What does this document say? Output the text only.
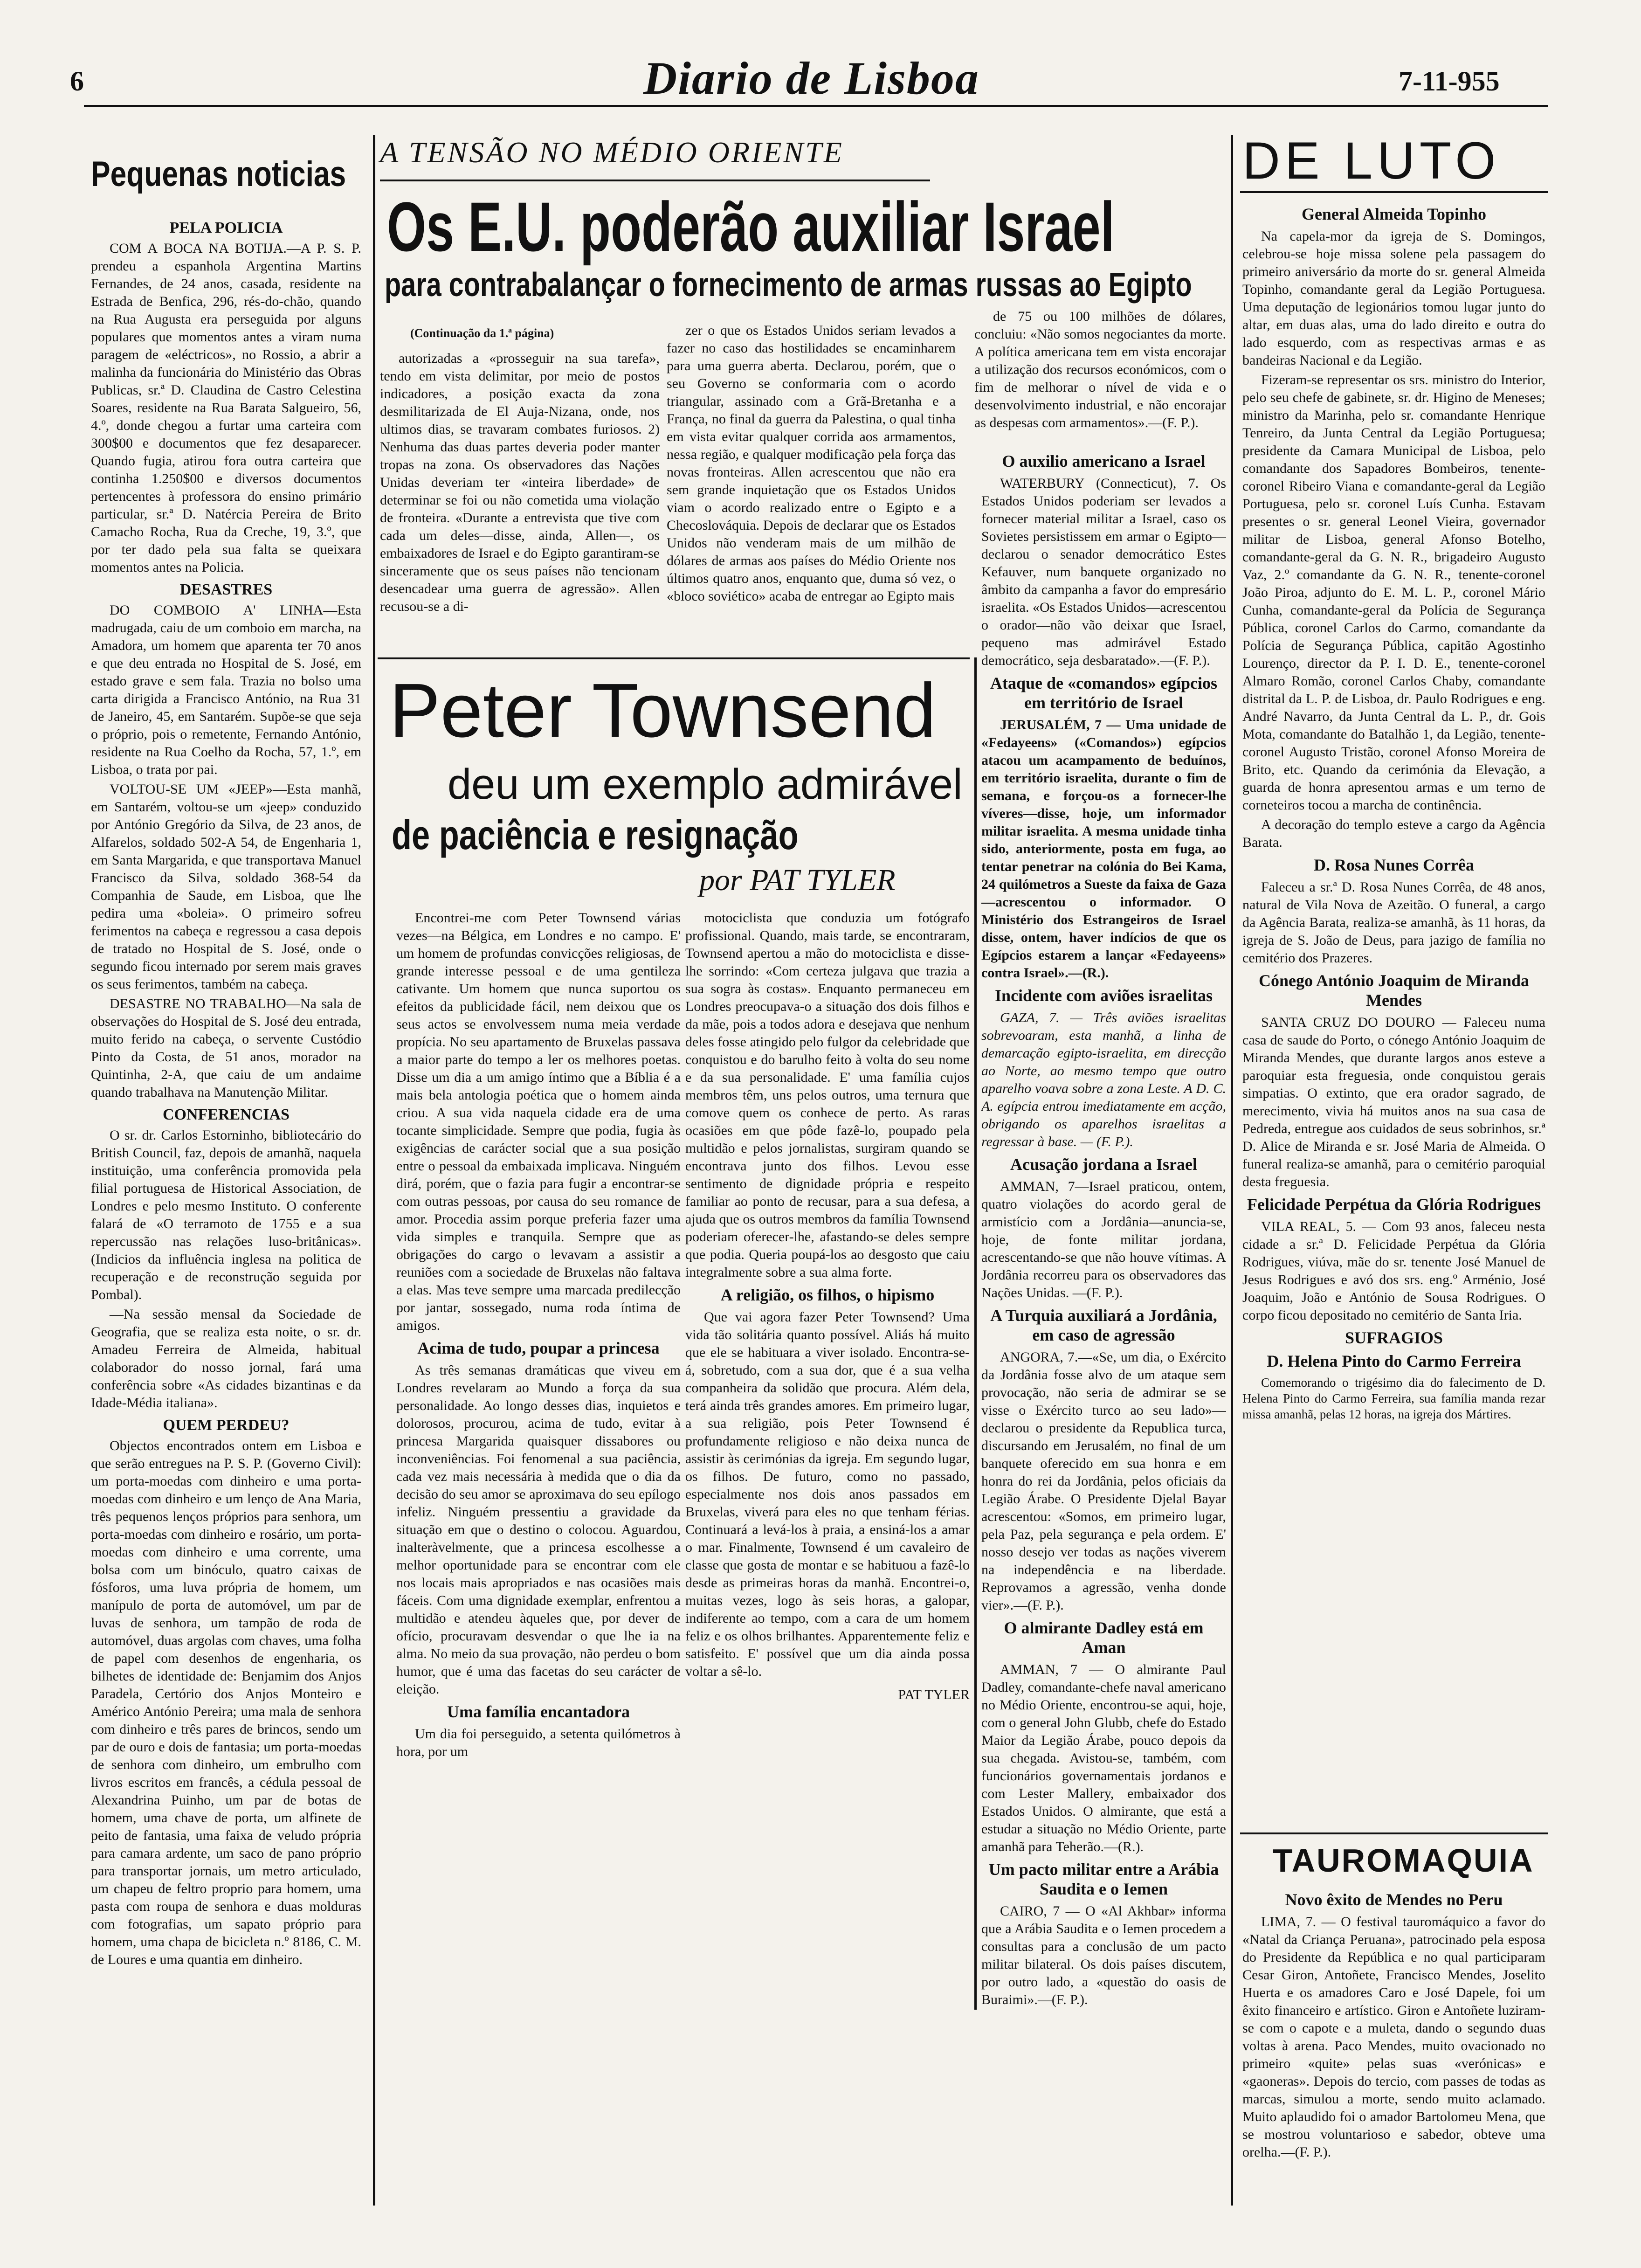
6	Diario de Lisboa	7-11-955
Pequenas noticias
PELA POLICIA

COM A BOCA NA BOTIJA.—A P. S. P. prendeu a espanhola Argentina Martins Fernandes, de 24 anos, casada, residente na Estrada de Benfica, 296, rés-do-chão, quando na Rua Augusta era perseguida por alguns populares que momentos antes a viram numa paragem de «eléctricos», no Rossio, a abrir a malinha da funcionária do Ministério das Obras Publicas, sr.ª D. Claudina de Castro Celestina Soares, residente na Rua Barata Salgueiro, 56, 4.º, donde chegou a furtar uma carteira com 300$00 e documentos que fez desaparecer. Quando fugia, atirou fora outra carteira que continha 1.250$00 e diversos documentos pertencentes à professora do ensino primário particular, sr.ª D. Natércia Pereira de Brito Camacho Rocha, Rua da Creche, 19, 3.º, que por ter dado pela sua falta se queixara momentos antes na Policia.

DESASTRES

DO COMBOIO A' LINHA—Esta madrugada, caiu de um comboio em marcha, na Amadora, um homem que aparenta ter 70 anos e que deu entrada no Hospital de S. José, em estado grave e sem fala. Trazia no bolso uma carta dirigida a Francisco António, na Rua 31 de Janeiro, 45, em Santarém. Supõe-se que seja o próprio, pois o remetente, Fernando António, residente na Rua Coelho da Rocha, 57, 1.º, em Lisboa, o trata por pai.

VOLTOU-SE UM «JEEP»—Esta manhã, em Santarém, voltou-se um «jeep» conduzido por António Gregório da Silva, de 23 anos, de Alfarelos, soldado 502-A 54, de Engenharia 1, em Santa Margarida, e que transportava Manuel Francisco da Silva, soldado 368-54 da Companhia de Saude, em Lisboa, que lhe pedira uma «boleia». O primeiro sofreu ferimentos na cabeça e regressou a casa depois de tratado no Hospital de S. José, onde o segundo ficou internado por serem mais graves os seus ferimentos, também na cabeça.

DESASTRE NO TRABALHO—Na sala de observações do Hospital de S. José deu entrada, muito ferido na cabeça, o servente Custódio Pinto da Costa, de 51 anos, morador na Quintinha, 2-A, que caiu de um andaime quando trabalhava na Manutenção Militar.

CONFERENCIAS

O sr. dr. Carlos Estorninho, bibliotecário do British Council, faz, depois de amanhã, naquela instituição, uma conferência promovida pela filial portuguesa de Historical Association, de Londres e pelo mesmo Instituto. O conferente falará de «O terramoto de 1755 e a sua repercussão nas relações luso-britânicas». (Indicios da influência inglesa na politica de recuperação e de reconstrução seguida por Pombal).

—Na sessão mensal da Sociedade de Geografia, que se realiza esta noite, o sr. dr. Amadeu Ferreira de Almeida, habitual colaborador do nosso jornal, fará uma conferência sobre «As cidades bizantinas e da Idade-Média italiana».

QUEM PERDEU?

Objectos encontrados ontem em Lisboa e que serão entregues na P. S. P. (Governo Civil): um porta-moedas com dinheiro e uma porta-moedas com dinheiro e um lenço de Ana Maria, três pequenos lenços próprios para senhora, um porta-moedas com dinheiro e rosário, um porta-moedas com dinheiro e uma corrente, uma bolsa com um binóculo, quatro caixas de fósforos, uma luva própria de homem, um manípulo de porta de automóvel, um par de luvas de senhora, um tampão de roda de automóvel, duas argolas com chaves, uma folha de papel com desenhos de engenharia, os bilhetes de identidade de: Benjamim dos Anjos Paradela, Certório dos Anjos Monteiro e Américo António Pereira; uma mala de senhora com dinheiro e três pares de brincos, sendo um par de ouro e dois de fantasia; um porta-moedas de senhora com dinheiro, um embrulho com livros escritos em francês, a cédula pessoal de Alexandrina Puinho, um par de botas de homem, uma chave de porta, um alfinete de peito de fantasia, uma faixa de veludo própria para camara ardente, um saco de pano próprio para transportar jornais, um metro articulado, um chapeu de feltro proprio para homem, uma pasta com roupa de senhora e duas molduras com fotografias, um sapato próprio para homem, uma chapa de bicicleta n.º 8186, C. M. de Loures e uma quantia em dinheiro.

A TENSÃO NO MÉDIO ORIENTE
Os E.U. poderão auxiliar Israel
para contrabalançar o fornecimento de armas russas ao Egipto
(Continuação da 1.ª página)

autorizadas a «prosseguir na sua tarefa», tendo em vista delimitar, por meio de postos indicadores, a posição exacta da zona desmilitarizada de El Auja-Nizana, onde, nos ultimos dias, se travaram combates furiosos. 2) Nenhuma das duas partes deveria poder manter tropas na zona. Os observadores das Nações Unidas deveriam ter «inteira liberdade» de determinar se foi ou não cometida uma violação de fronteira. «Durante a entrevista que tive com cada um deles—disse, ainda, Allen—, os embaixadores de Israel e do Egipto garantiram-se sinceramente que os seus países não tencionam desencadear uma guerra de agressão». Allen recusou-se a di-

zer o que os Estados Unidos seriam levados a fazer no caso das hostilidades se encaminharem para uma guerra aberta. Declarou, porém, que o seu Governo se conformaria com o acordo triangular, assinado com a Grã-Bretanha e a França, no final da guerra da Palestina, o qual tinha em vista evitar qualquer corrida aos armamentos, nessa região, e qualquer modificação pela força das novas fronteiras. Allen acrescentou que não era sem grande inquietação que os Estados Unidos viam o acordo realizado entre o Egipto e a Checoslováquia. Depois de declarar que os Estados Unidos não venderam mais de um milhão de dólares de armas aos países do Médio Oriente nos últimos quatro anos, enquanto que, duma só vez, o «bloco soviético» acaba de entregar ao Egipto mais

de 75 ou 100 milhões de dólares, concluiu: «Não somos negociantes da morte. A política americana tem em vista encorajar a utilização dos recursos económicos, com o fim de melhorar o nível de vida e o desenvolvimento industrial, e não encorajar as despesas com armamentos».—(F. P.).

O auxilio americano a Israel

WATERBURY (Connecticut), 7. Os Estados Unidos poderiam ser levados a fornecer material militar a Israel, caso os Sovietes persistissem em armar o Egipto—declarou o senador democrático Estes Kefauver, num banquete organizado no âmbito da campanha a favor do empresário israelita. «Os Estados Unidos—acrescentou o orador—não vão deixar que Israel, pequeno mas admirável Estado democrático, seja desbaratado».—(F. P.).

Ataque de «comandos» egípcios em território de Israel

JERUSALÉM, 7 — Uma unidade de «Fedayeens» («Comandos») egípcios atacou um acampamento de beduínos, em território israelita, durante o fim de semana, e forçou-os a fornecer-lhe víveres—disse, hoje, um informador militar israelita. A mesma unidade tinha sido, anteriormente, posta em fuga, ao tentar penetrar na colónia do Bei Kama, 24 quilómetros a Sueste da faixa de Gaza—acrescentou o informador. O Ministério dos Estrangeiros de Israel disse, ontem, haver indícios de que os Egípcios estarem a lançar «Fedayeens» contra Israel».—(R.).

Incidente com aviões israelitas

GAZA, 7. — Três aviões israelitas sobrevoaram, esta manhã, a linha de demarcação egipto-israelita, em direcção ao Norte, ao mesmo tempo que outro aparelho voava sobre a zona Leste. A D. C. A. egípcia entrou imediatamente em acção, obrigando os aparelhos israelitas a regressar à base. — (F. P.).

Acusação jordana a Israel

AMMAN, 7—Israel praticou, ontem, quatro violações do acordo geral de armistício com a Jordânia—anuncia-se, hoje, de fonte militar jordana, acrescentando-se que não houve vítimas. A Jordânia recorreu para os observadores das Nações Unidas. —(F. P.).

A Turquia auxiliará a Jordânia, em caso de agressão

ANGORA, 7.—«Se, um dia, o Exército da Jordânia fosse alvo de um ataque sem provocação, não seria de admirar se se visse o Exército turco ao seu lado»—declarou o presidente da Republica turca, discursando em Jerusalém, no final de um banquete oferecido em sua honra e em honra do rei da Jordânia, pelos oficiais da Legião Árabe. O Presidente Djelal Bayar acrescentou: «Somos, em primeiro lugar, pela Paz, pela segurança e pela ordem. E' nosso desejo ver todas as nações viverem na independência e na liberdade. Reprovamos a agressão, venha donde vier».—(F. P.).

O almirante Dadley está em Aman

AMMAN, 7 — O almirante Paul Dadley, comandante-chefe naval americano no Médio Oriente, encontrou-se aqui, hoje, com o general John Glubb, chefe do Estado Maior da Legião Árabe, pouco depois da sua chegada. Avistou-se, também, com funcionários governamentais jordanos e com Lester Mallery, embaixador dos Estados Unidos. O almirante, que está a estudar a situação no Médio Oriente, parte amanhã para Teherão.—(R.).

Um pacto militar entre a Arábia Saudita e o Iemen

CAIRO, 7 — O «Al Akhbar» informa que a Arábia Saudita e o Iemen procedem a consultas para a conclusão de um pacto militar bilateral. Os dois países discutem, por outro lado, a «questão do oasis de Buraimi».—(F. P.).

Peter Townsend
deu um exemplo admirável
de paciência e resignação
por PAT TYLER

Encontrei-me com Peter Townsend várias vezes—na Bélgica, em Londres e no campo. E' um homem de profundas convicções religiosas, de grande interesse pessoal e de uma gentileza cativante. Um homem que nunca suportou os efeitos da publicidade fácil, nem deixou que os seus actos se envolvessem numa meia verdade propícia. No seu apartamento de Bruxelas passava a maior parte do tempo a ler os melhores poetas. Disse um dia a um amigo íntimo que a Bíblia é a mais bela antologia poética que o homem ainda criou. A sua vida naquela cidade era de uma tocante simplicidade. Sempre que podia, fugia às exigências de carácter social que a sua posição entre o pessoal da embaixada implicava. Ninguém dirá, porém, que o fazia para fugir a encontrar-se com outras pessoas, por causa do seu romance de amor. Procedia assim porque preferia fazer uma vida simples e tranquila. Sempre que as obrigações do cargo o levavam a assistir a reuniões com a sociedade de Bruxelas não faltava a elas. Mas teve sempre uma marcada predilecção por jantar, sossegado, numa roda íntima de amigos.

Acima de tudo, poupar a princesa

As três semanas dramáticas que viveu em Londres revelaram ao Mundo a força da sua personalidade. Ao longo desses dias, inquietos e dolorosos, procurou, acima de tudo, evitar à princesa Margarida quaisquer dissabores ou inconveniências. Foi fenomenal a sua paciência, cada vez mais necessária à medida que o dia da decisão do seu amor se aproximava do seu epílogo infeliz. Ninguém pressentiu a gravidade da situação em que o destino o colocou. Aguardou, inalteràvelmente, que a princesa escolhesse a melhor oportunidade para se encontrar com ele nos locais mais apropriados e nas ocasiões mais fáceis. Com uma dignidade exemplar, enfrentou a multidão e atendeu àqueles que, por dever de ofício, procuravam desvendar o que lhe ia na alma. No meio da sua provação, não perdeu o bom humor, que é uma das facetas do seu carácter de eleição.

Uma família encantadora

Um dia foi perseguido, a setenta quilómetros à hora, por um

motociclista que conduzia um fotógrafo profissional. Quando, mais tarde, se encontraram, Townsend apertou a mão do motociclista e disse-lhe sorrindo: «Com certeza julgava que trazia a sua sogra às costas». Enquanto permaneceu em Londres preocupava-o a situação dos dois filhos e da mãe, pois a todos adora e desejava que nenhum deles fosse atingido pelo fulgor da celebridade que conquistou e do barulho feito à volta do seu nome e da sua personalidade. E' uma família cujos membros têm, uns pelos outros, uma ternura que comove quem os conhece de perto. As raras ocasiões em que pôde fazê-lo, poupado pela multidão e pelos jornalistas, surgiram quando se encontrava junto dos filhos. Levou esse sentimento de dignidade própria e respeito familiar ao ponto de recusar, para a sua defesa, a ajuda que os outros membros da família Townsend poderiam oferecer-lhe, afastando-se deles sempre que podia. Queria poupá-los ao desgosto que caiu integralmente sobre a sua alma forte.

A religião, os filhos, o hipismo

Que vai agora fazer Peter Townsend? Uma vida tão solitária quanto possível. Aliás há muito que ele se habituara a viver isolado. Encontra-se-á, sobretudo, com a sua dor, que é a sua velha companheira da solidão que procura. Além dela, terá ainda três grandes amores. Em primeiro lugar, a sua religião, pois Peter Townsend é profundamente religioso e não deixa nunca de assistir às cerimónias da igreja. Em segundo lugar, os filhos. De futuro, como no passado, especialmente nos dois anos passados em Bruxelas, viverá para eles no que tenham férias. Continuará a levá-los à praia, a ensiná-los a amar o mar. Finalmente, Townsend é um cavaleiro de classe que gosta de montar e se habituou a fazê-lo desde as primeiras horas da manhã. Encontrei-o, muitas vezes, logo às seis horas, a galopar, indiferente ao tempo, com a cara de um homem feliz e os olhos brilhantes. Apparentemente feliz e satisfeito. E' possível que um dia ainda possa voltar a sê-lo.

PAT TYLER
DE LUTO
General Almeida Topinho

Na capela-mor da igreja de S. Domingos, celebrou-se hoje missa solene pela passagem do primeiro aniversário da morte do sr. general Almeida Topinho, comandante geral da Legião Portuguesa. Uma deputação de legionários tomou lugar junto do altar, em duas alas, uma do lado direito e outra do lado esquerdo, com as respectivas armas e as bandeiras Nacional e da Legião.

Fizeram-se representar os srs. ministro do Interior, pelo seu chefe de gabinete, sr. dr. Higino de Meneses; ministro da Marinha, pelo sr. comandante Henrique Tenreiro, da Junta Central da Legião Portuguesa; presidente da Camara Municipal de Lisboa, pelo comandante dos Sapadores Bombeiros, tenente-coronel Ribeiro Viana e comandante-geral da Legião Portuguesa, pelo sr. coronel Luís Cunha. Estavam presentes o sr. general Leonel Vieira, governador militar de Lisboa, general Afonso Botelho, comandante-geral da G. N. R., brigadeiro Augusto Vaz, 2.º comandante da G. N. R., tenente-coronel João Piroa, adjunto do E. M. L. P., coronel Mário Cunha, comandante-geral da Polícia de Segurança Pública, coronel Carlos do Carmo, comandante da Polícia de Segurança Pública, capitão Agostinho Lourenço, director da P. I. D. E., tenente-coronel Almaro Romão, coronel Carlos Chaby, comandante distrital da L. P. de Lisboa, dr. Paulo Rodrigues e eng. André Navarro, da Junta Central da L. P., dr. Gois Mota, comandante do Batalhão 1, da Legião, tenente-coronel Augusto Tristão, coronel Afonso Moreira de Brito, etc. Quando da cerimónia da Elevação, a guarda de honra apresentou armas e um terno de corneteiros tocou a marcha de continência.

A decoração do templo esteve a cargo da Agência Barata.

D. Rosa Nunes Corrêa

Faleceu a sr.ª D. Rosa Nunes Corrêa, de 48 anos, natural de Vila Nova de Azeitão. O funeral, a cargo da Agência Barata, realiza-se amanhã, às 11 horas, da igreja de S. João de Deus, para jazigo de família no cemitério dos Prazeres.

Cónego António Joaquim de Miranda Mendes

SANTA CRUZ DO DOURO — Faleceu numa casa de saude do Porto, o cónego António Joaquim de Miranda Mendes, que durante largos anos esteve a paroquiar esta freguesia, onde conquistou gerais simpatias. O extinto, que era orador sagrado, de merecimento, vivia há muitos anos na sua casa de Pedreda, entregue aos cuidados de seus sobrinhos, sr.ª D. Alice de Miranda e sr. José Maria de Almeida. O funeral realiza-se amanhã, para o cemitério paroquial desta freguesia.

Felicidade Perpétua da Glória Rodrigues

VILA REAL, 5. — Com 93 anos, faleceu nesta cidade a sr.ª D. Felicidade Perpétua da Glória Rodrigues, viúva, mãe do sr. tenente José Manuel de Jesus Rodrigues e avó dos srs. eng.º Arménio, José Joaquim, João e António de Sousa Rodrigues. O corpo ficou depositado no cemitério de Santa Iria.

SUFRAGIOS
D. Helena Pinto do Carmo Ferreira

Comemorando o trigésimo dia do falecimento de D. Helena Pinto do Carmo Ferreira, sua família manda rezar missa amanhã, pelas 12 horas, na igreja dos Mártires.

TAUROMAQUIA
Novo êxito de Mendes no Peru

LIMA, 7. — O festival tauromáquico a favor do «Natal da Criança Peruana», patrocinado pela esposa do Presidente da República e no qual participaram Cesar Giron, Antoñete, Francisco Mendes, Joselito Huerta e os amadores Caro e José Dapele, foi um êxito financeiro e artístico. Giron e Antoñete luziram-se com o capote e a muleta, dando o segundo duas voltas à arena. Paco Mendes, muito ovacionado no primeiro «quite» pelas suas «verónicas» e «gaoneras». Depois do tercio, com passes de todas as marcas, simulou a morte, sendo muito aclamado. Muito aplaudido foi o amador Bartolomeu Mena, que se mostrou voluntarioso e sabedor, obteve uma orelha.—(F. P.).
